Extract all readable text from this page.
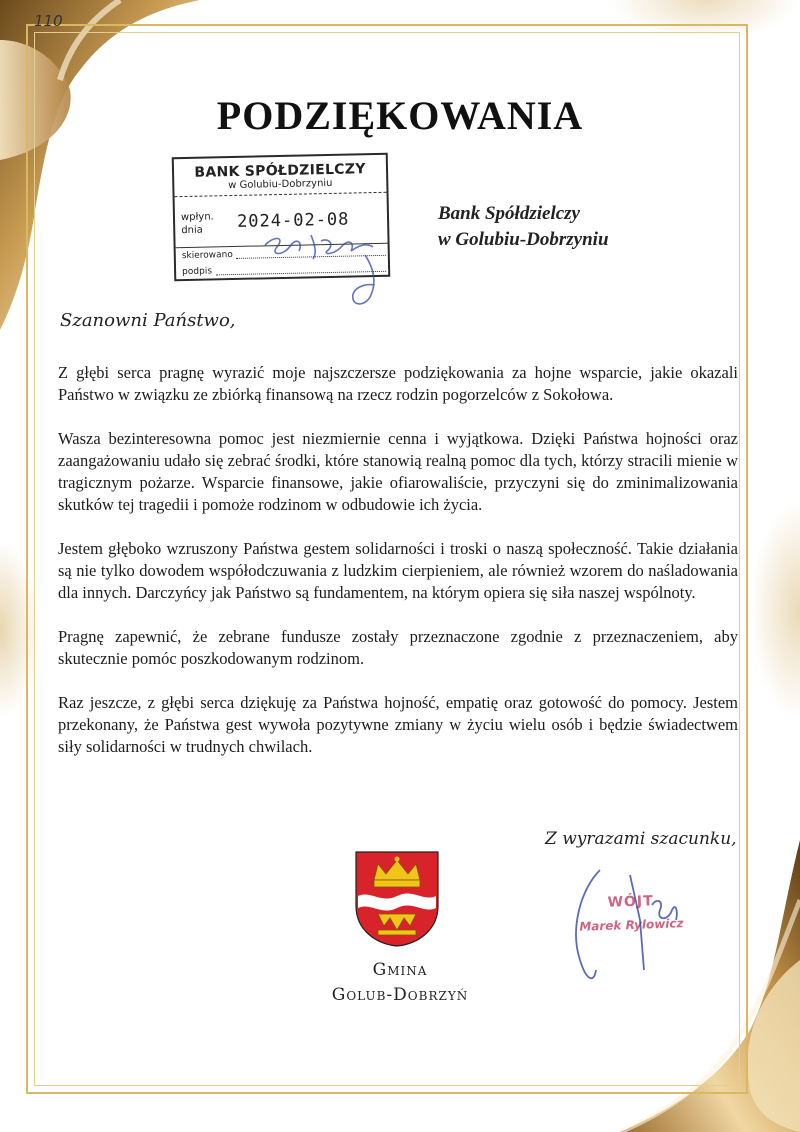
110
PODZIĘKOWANIA
BANK SPÓŁDZIELCZY
w Golubiu-Dobrzyniu
wpłyn.
dnia	2024-02-08
skierowano
podpis
Bank Spółdzielczy
w Golubiu-Dobrzyniu
Szanowni Państwo,

Z głębi serca pragnę wyrazić moje najszczersze podziękowania za hojne wsparcie, jakie okazali Państwo w związku ze zbiórką finansową na rzecz rodzin pogorzelców z Sokołowa.

Wasza bezinteresowna pomoc jest niezmiernie cenna i wyjątkowa. Dzięki Państwa hojności oraz zaangażowaniu udało się zebrać środki, które stanowią realną pomoc dla tych, którzy stracili mienie w tragicznym pożarze. Wsparcie finansowe, jakie ofiarowaliście, przyczyni się do zminimalizowania skutków tej tragedii i pomoże rodzinom w odbudowie ich życia.

Jestem głęboko wzruszony Państwa gestem solidarności i troski o naszą społeczność. Takie działania są nie tylko dowodem współodczuwania z ludzkim cierpieniem, ale również wzorem do naśladowania dla innych. Darczyńcy jak Państwo są fundamentem, na którym opiera się siła naszej wspólnoty.

Pragnę zapewnić, że zebrane fundusze zostały przeznaczone zgodnie z przeznaczeniem, aby skutecznie pomóc poszkodowanym rodzinom.

Raz jeszcze, z głębi serca dziękuję za Państwa hojność, empatię oraz gotowość do pomocy. Jestem przekonany, że Państwa gest wywoła pozytywne zmiany w życiu wielu osób i będzie świadectwem siły solidarności w trudnych chwilach.

Z wyrazami szacunku,
Gmina
Golub-Dobrzyń
WÓJT
Marek Rylowicz
